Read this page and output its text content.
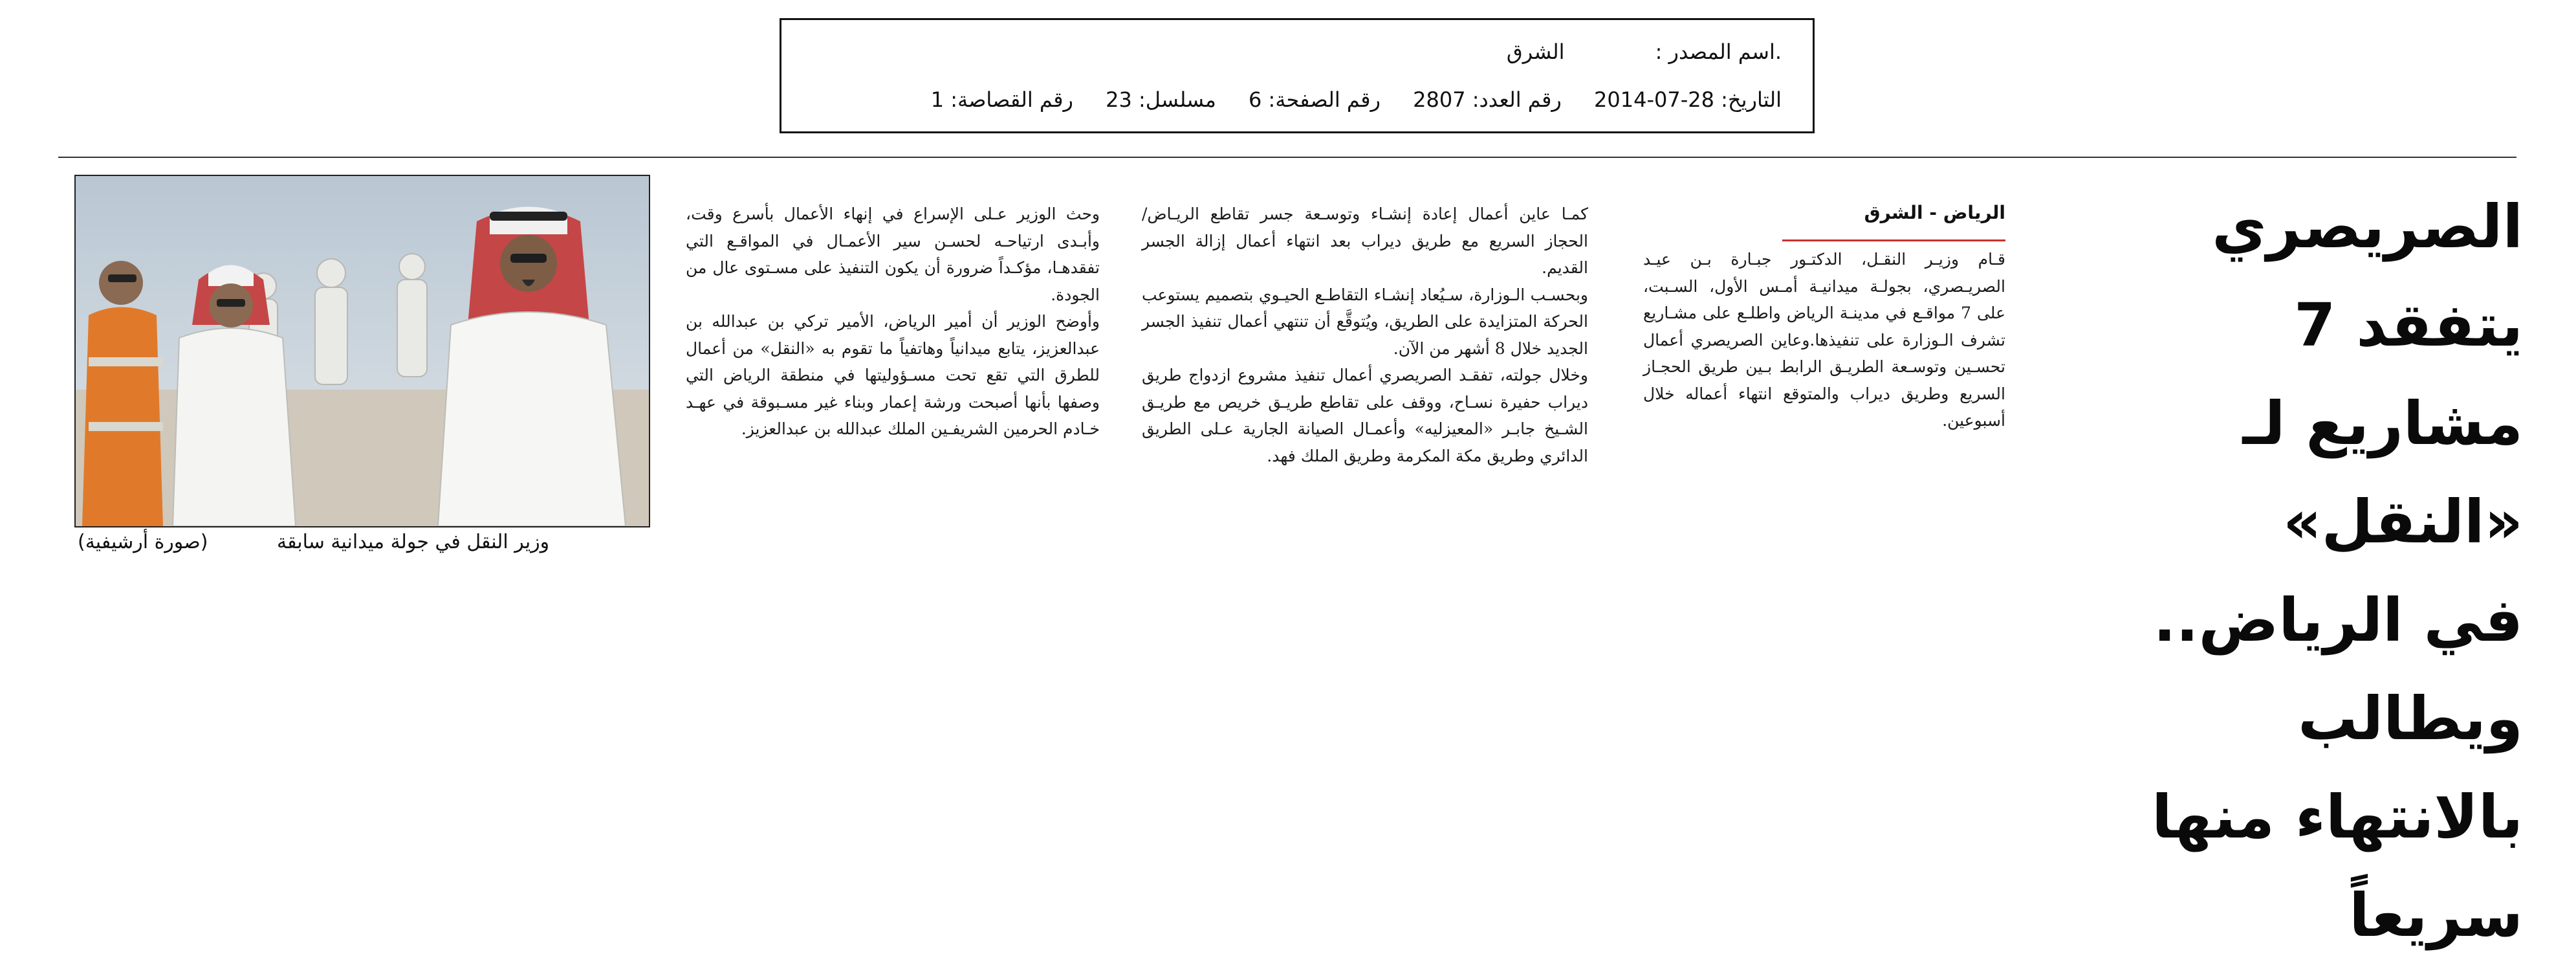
.اسم المصدر :الشرق
التاريخ: 28-07-2014 رقم العدد: 2807 رقم الصفحة: 6 مسلسل: 23 رقم القصاصة: 1
الصريصري يتفقد 7
مشاريع لـ «النقل»
في الرياض.. ويطالب
بالانتهاء منها سريعاً
الرياض - الشرق

قـام وزيـر النقـل، الدكتـور جبـارة بـن عيـد الصريـصري، بجولـة ميدانيـة أمـس الأول، السـبت، على 7 مواقـع في مدينـة الرياض واطلـع على مشـاريع تشرف الـوزارة على تنفيذها.وعاين الصريصري أعمال تحسـين وتوسـعة الطريـق الرابط بـين طريق الحجـاز السريع وطريق ديراب والمتوقع انتهاء أعماله خلال أسبوعين.

كمـا عاين أعمال إعادة إنشـاء وتوسـعة جسر تقاطع الريـاض/ الحجاز السريع مع طريق ديراب بعد انتهاء أعمال إزالة الجسر القديم.

وبحسـب الـوزارة، سـيُعاد إنشـاء التقاطـع الحيـوي بتصميم يستوعب الحركة المتزايدة على الطريق، ويُتوقَّع أن تنتهي أعمال تنفيذ الجسر الجديد خلال 8 أشهر من الآن.

وخلال جولته، تفقـد الصريصري أعمال تنفيذ مشروع ازدواج طريق ديراب حفيرة نسـاح، ووقف على تقاطع طريـق خريص مع طريـق الشـيخ جابـر «المعيزليه» وأعمـال الصيانة الجارية عـلى الطريق الدائري وطريق مكة المكرمة وطريق الملك فهد.

وحث الوزير عـلى الإسراع في إنهاء الأعمال بأسرع وقت، وأبـدى ارتياحـه لحسـن سير الأعمـال في المواقـع التي تفقدهـا، مؤكـداً ضرورة أن يكون التنفيذ على مسـتوى عال من الجودة.

وأوضح الوزير أن أمير الرياض، الأمير تركي بن عبدالله بن عبدالعزيز، يتابع ميدانياً وهاتفياً ما تقوم به «النقل» من أعمال للطرق التي تقع تحت مسـؤوليتها في منطقة الرياض التي وصفها بأنها أصبحت ورشة إعمار وبناء غير مسـبوقة في عهـد خـادم الحرمين الشريفـين الملك عبدالله بن عبدالعزيز.

وزير النقل في جولة ميدانية سابقة
(صورة أرشيفية)
